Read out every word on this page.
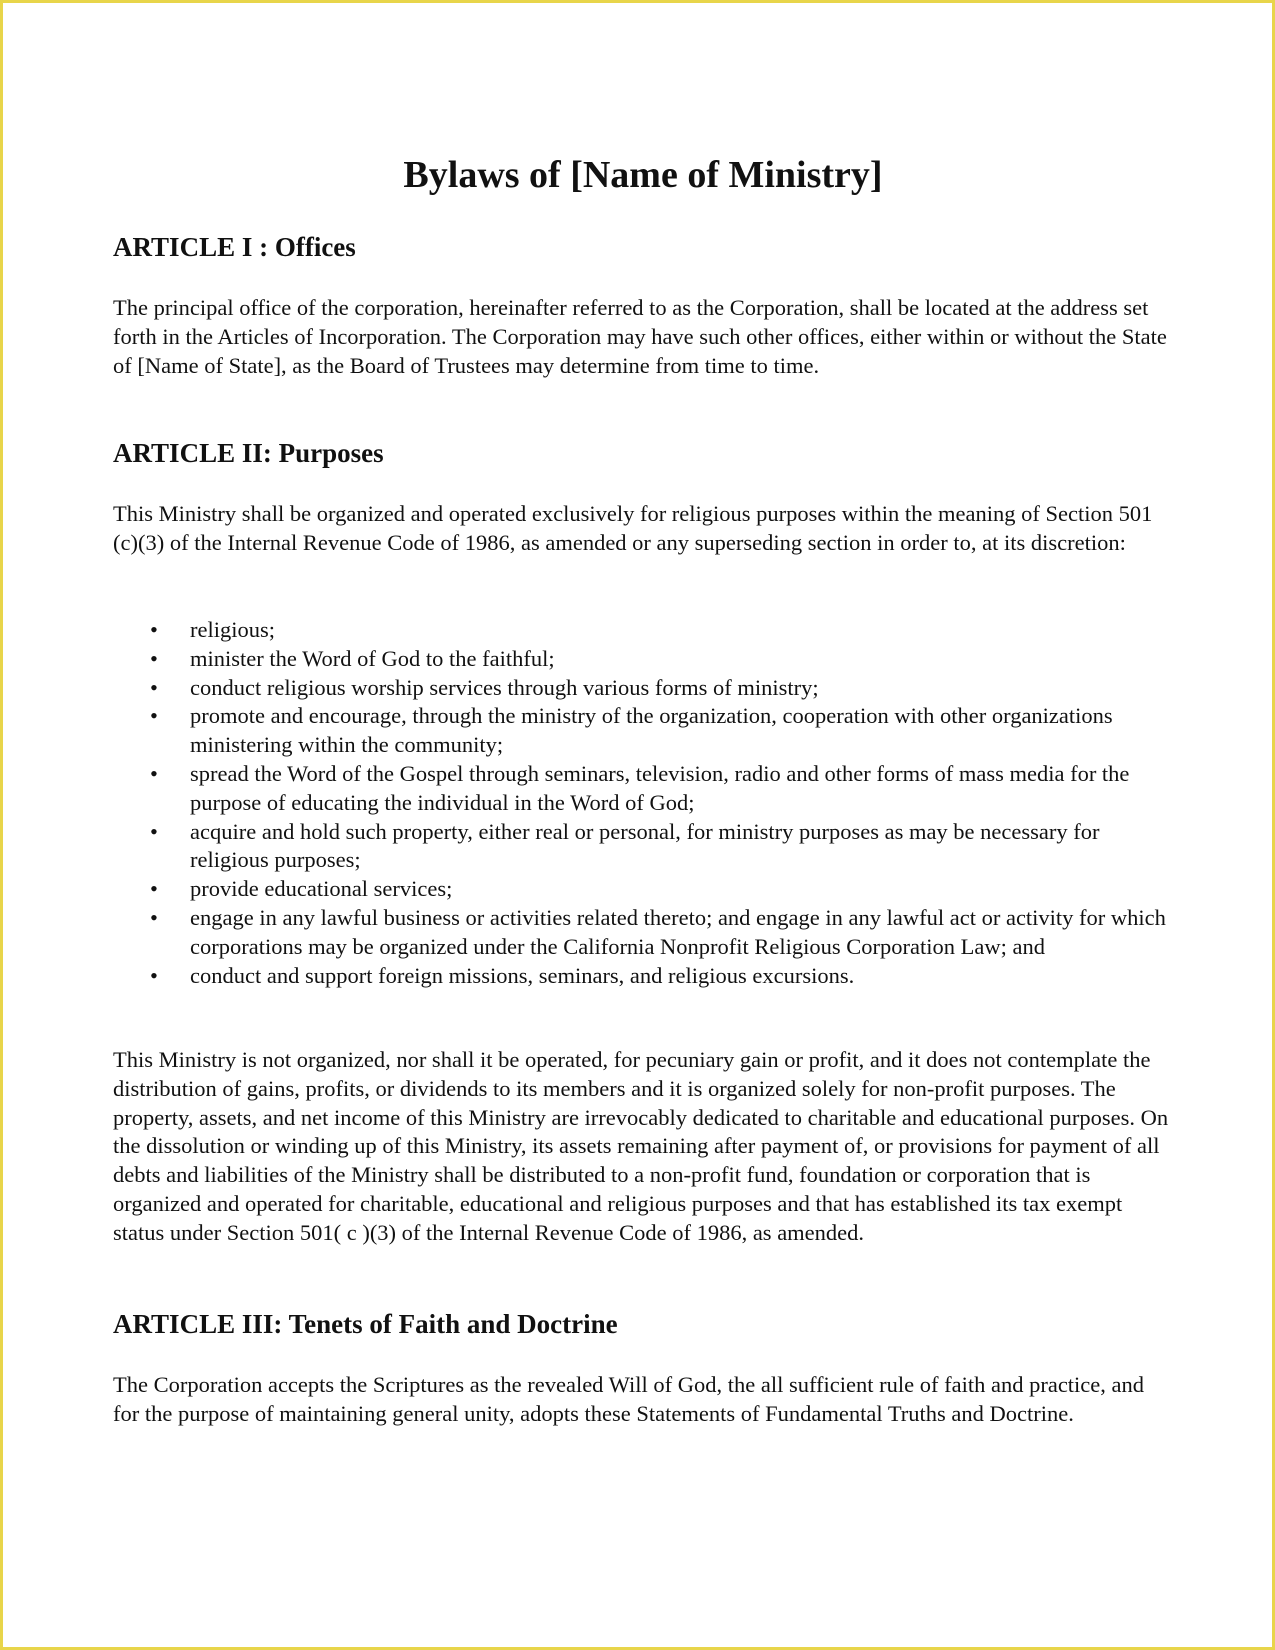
Bylaws of [Name of Ministry]
ARTICLE I : Offices

The principal office of the corporation, hereinafter referred to as the Corporation, shall be located at the address set forth in the Articles of Incorporation. The Corporation may have such other offices, either within or without the State of [Name of State], as the Board of Trustees may determine from time to time.

ARTICLE II: Purposes

This Ministry shall be organized and operated exclusively for religious purposes within the meaning of Section 501 (c)(3) of the Internal Revenue Code of 1986, as amended or any superseding section in order to, at its discretion:

• religious;
• minister the Word of God to the faithful;
• conduct religious worship services through various forms of ministry;
• promote and encourage, through the ministry of the organization, cooperation with other organizations ministering within the community;
• spread the Word of the Gospel through seminars, television, radio and other forms of mass media for the purpose of educating the individual in the Word of God;
• acquire and hold such property, either real or personal, for ministry purposes as may be necessary for religious purposes;
• provide educational services;
• engage in any lawful business or activities related thereto; and engage in any lawful act or activity for which corporations may be organized under the California Nonprofit Religious Corporation Law; and
• conduct and support foreign missions, seminars, and religious excursions.

This Ministry is not organized, nor shall it be operated, for pecuniary gain or profit, and it does not contemplate the distribution of gains, profits, or dividends to its members and it is organized solely for non-profit purposes. The property, assets, and net income of this Ministry are irrevocably dedicated to charitable and educational purposes. On the dissolution or winding up of this Ministry, its assets remaining after payment of, or provisions for payment of all debts and liabilities of the Ministry shall be distributed to a non-profit fund, foundation or corporation that is organized and operated for charitable, educational and religious purposes and that has established its tax exempt status under Section 501( c )(3) of the Internal Revenue Code of 1986, as amended.

ARTICLE III: Tenets of Faith and Doctrine

The Corporation accepts the Scriptures as the revealed Will of God, the all sufficient rule of faith and practice, and for the purpose of maintaining general unity, adopts these Statements of Fundamental Truths and Doctrine.
